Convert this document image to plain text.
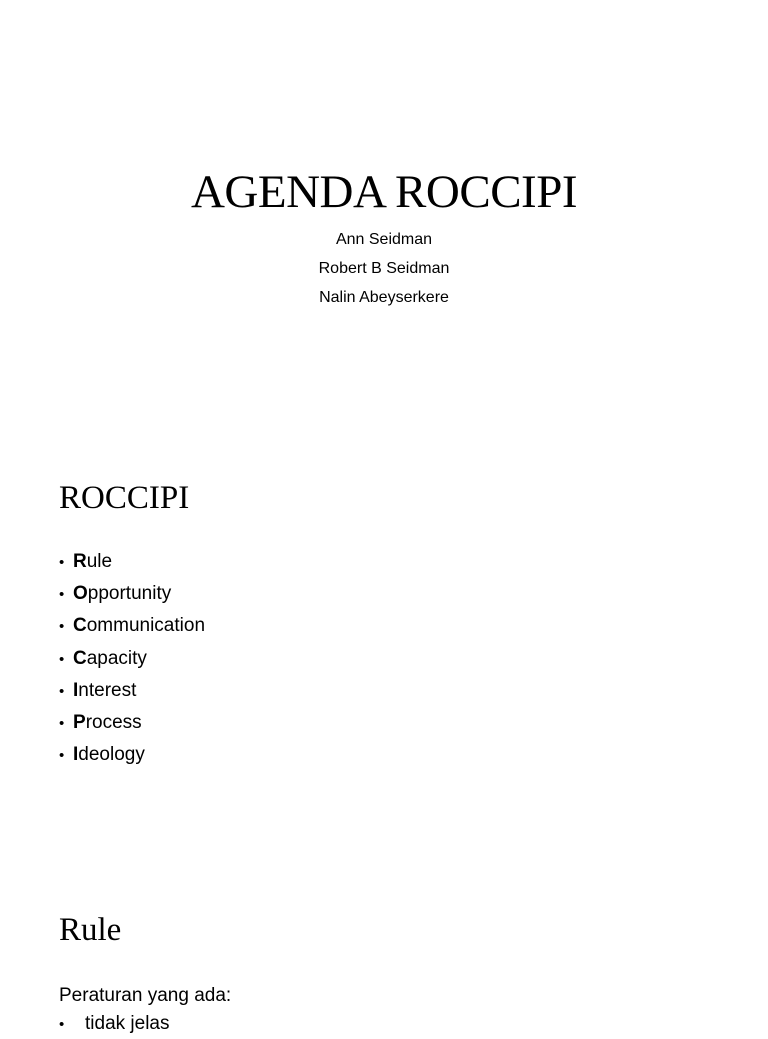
AGENDA ROCCIPI
Ann Seidman
Robert B Seidman
Nalin Abeyserkere
ROCCIPI
• Rule
• Opportunity
• Communication
• Capacity
• Interest
• Process
• Ideology
Rule
Peraturan yang ada:
• tidak jelas
